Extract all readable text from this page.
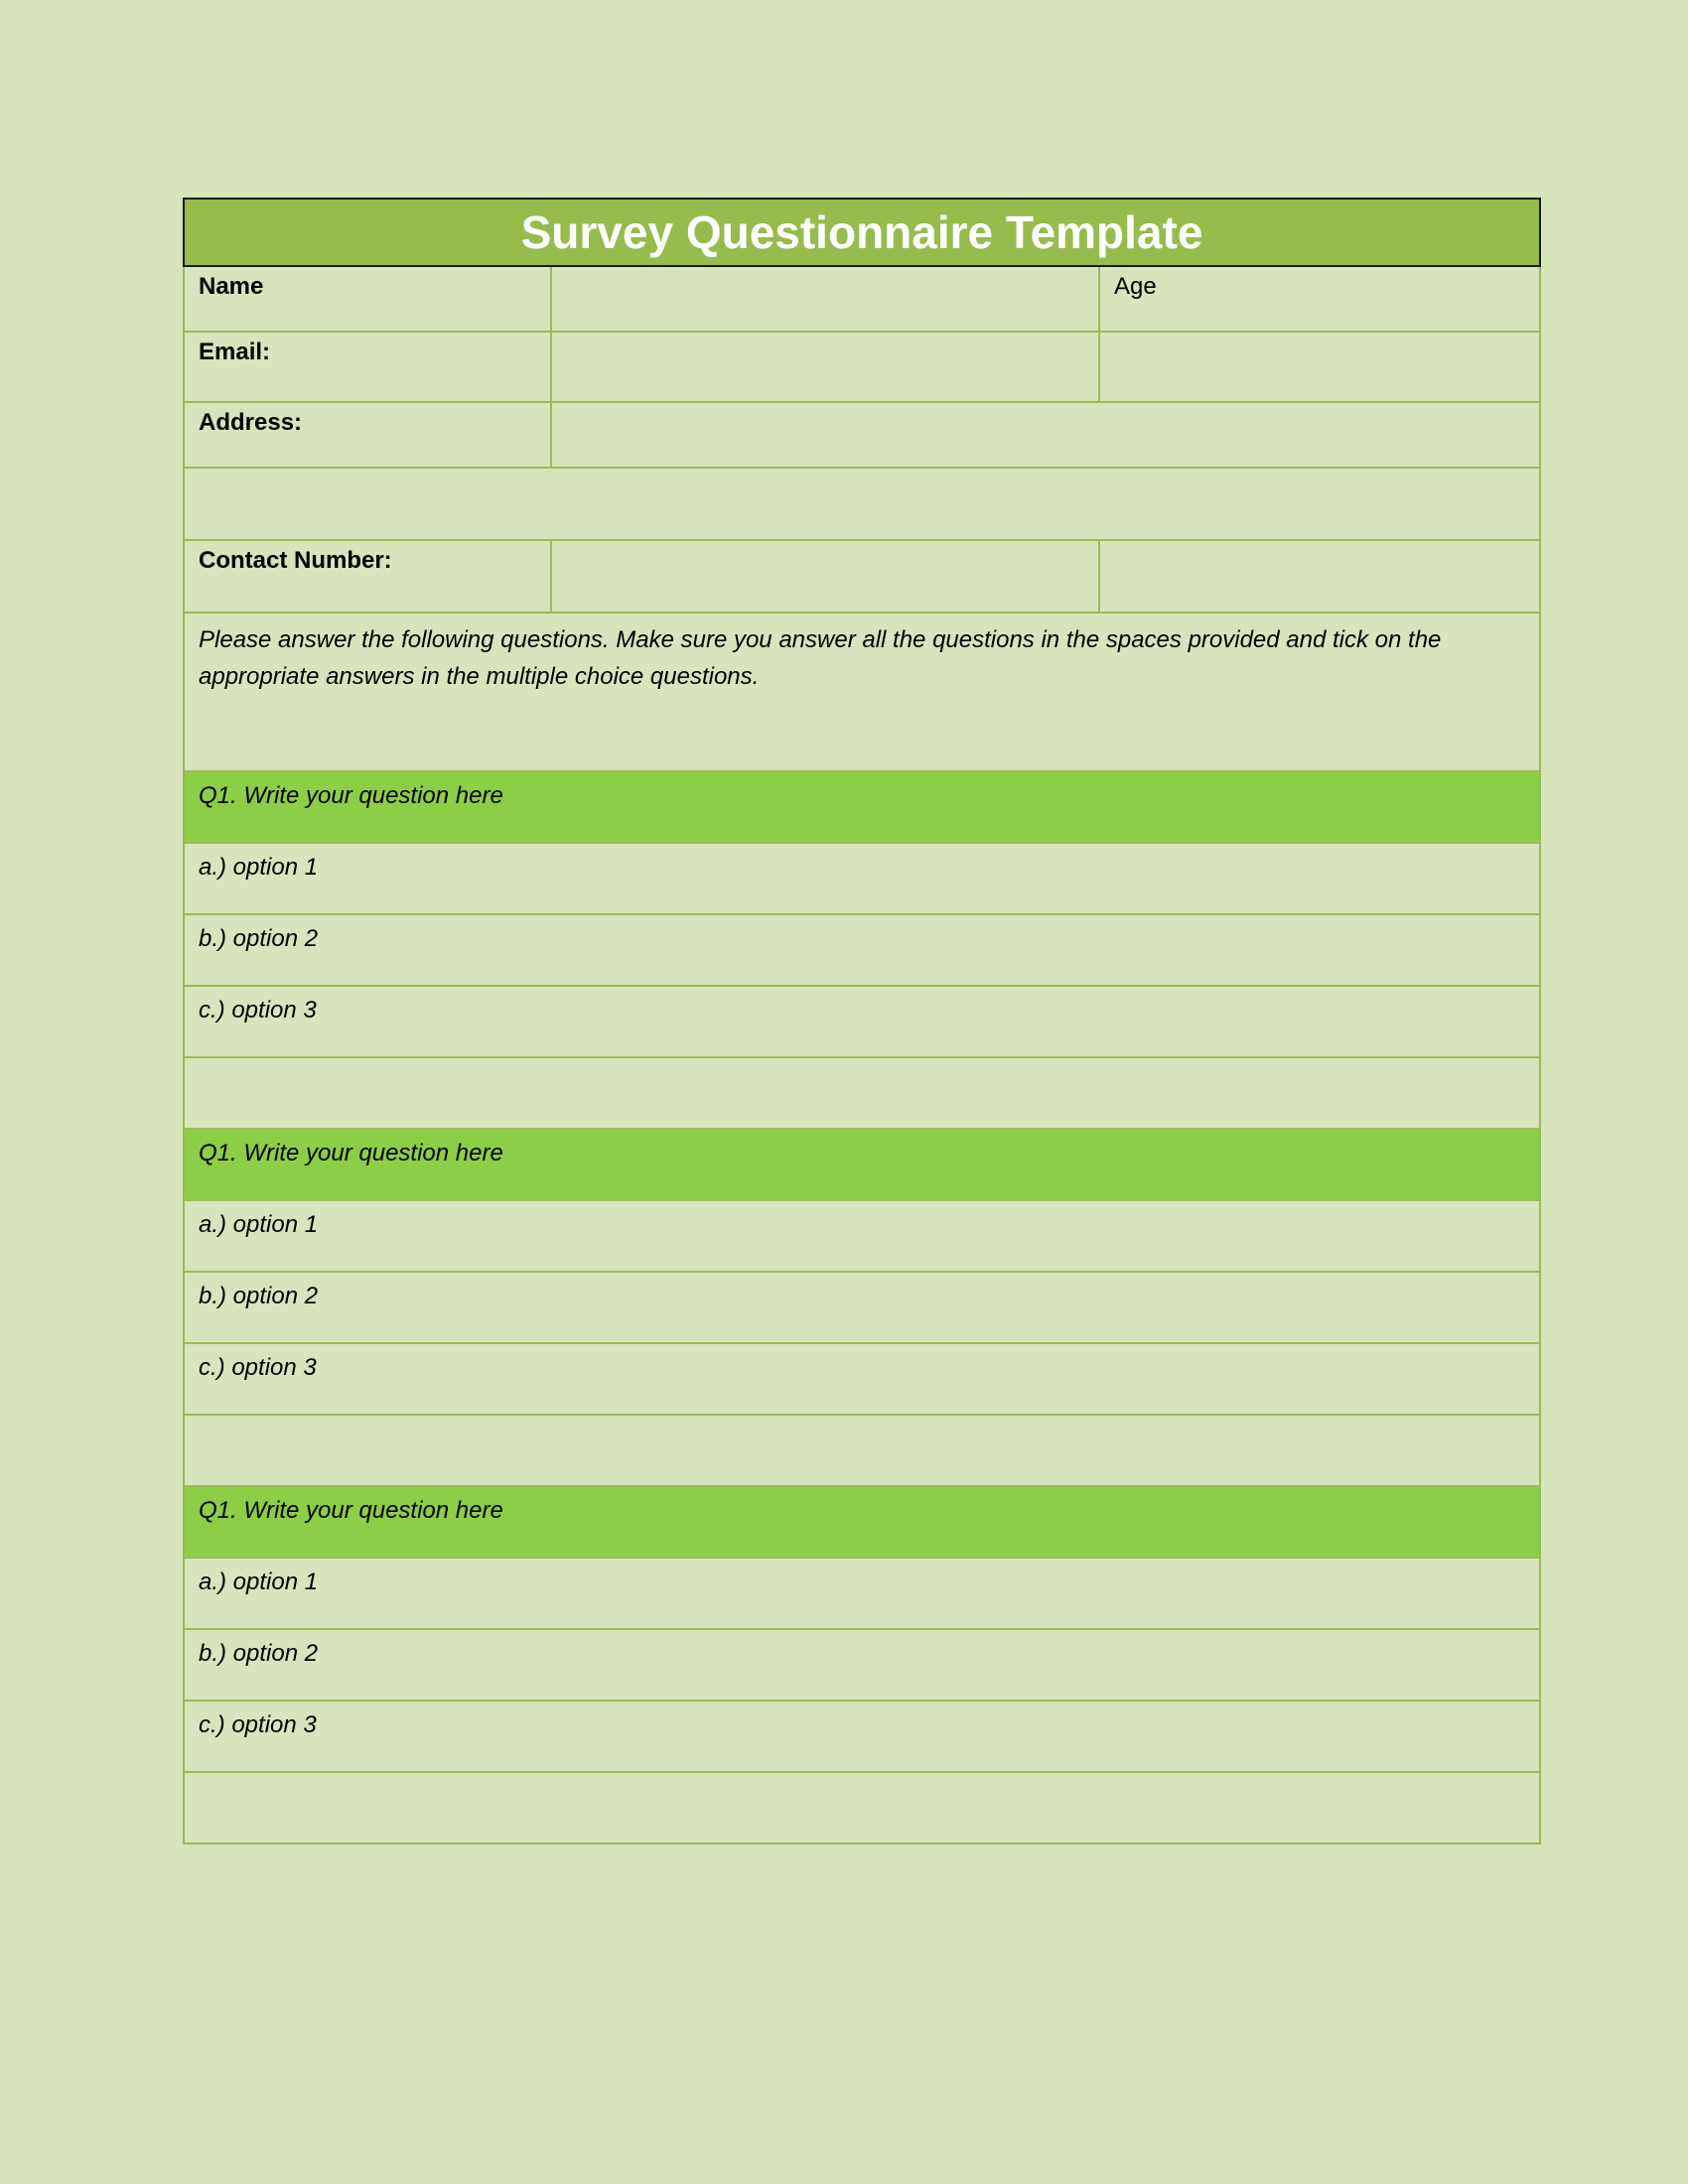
Survey Questionnaire Template		

Name		Age

Email:		

Address:		

Contact Number:		

Please answer the following questions. Make sure you answer all the questions in the spaces provided and tick on the appropriate answers in the multiple choice questions.		

Q1. Write your question here		

a.) option 1		

b.) option 2		

c.) option 3		

Q1. Write your question here		

a.) option 1		

b.) option 2		

c.) option 3		

Q1. Write your question here		

a.) option 1		

b.) option 2		

c.) option 3		
